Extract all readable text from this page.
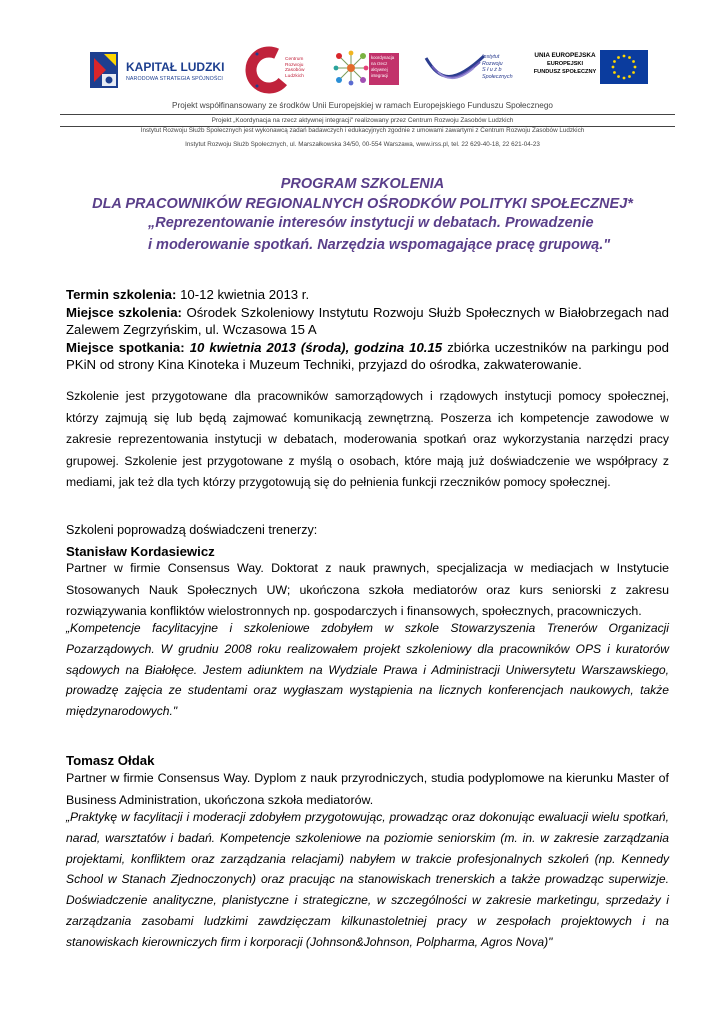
KAPITAŁ LUDZKI
NARODOWA STRATEGIA SPÓJNOŚCI
Centrum
Rozwoju
Zasobów
Ludzkich
koordynacja
na rzecz
aktywnej
integracji
Instytut
Rozwoju
S ł u ż b
Społecznych
UNIA EUROPEJSKA
EUROPEJSKI
FUNDUSZ SPOŁECZNY
Projekt współfinansowany ze środków Unii Europejskiej w ramach Europejskiego Funduszu Społecznego
Projekt „Koordynacja na rzecz aktywnej integracji" realizowany przez Centrum Rozwoju Zasobów Ludzkich
Instytut Rozwoju Służb Społecznych jest wykonawcą zadań badawczych i edukacyjnych zgodnie z umowami zawartymi z Centrum Rozwoju Zasobów Ludzkich
Instytut Rozwoju Służb Społecznych, ul. Marszałkowska 34/50, 00-554 Warszawa, www.irss.pl, tel. 22 629-40-18, 22 621-04-23
PROGRAM SZKOLENIA
DLA PRACOWNIKÓW REGIONALNYCH OŚRODKÓW POLITYKI SPOŁECZNEJ*
„Reprezentowanie interesów instytucji w debatach. Prowadzenie
i moderowanie spotkań. Narzędzia wspomagające pracę grupową."

Termin szkolenia: 10-12 kwietnia 2013 r.

Miejsce szkolenia: Ośrodek Szkoleniowy Instytutu Rozwoju Służb Społecznych w Białobrzegach nad Zalewem Zegrzyńskim, ul. Wczasowa 15 A

Miejsce spotkania: 10 kwietnia 2013 (środa), godzina 10.15 zbiórka uczestników na parkingu pod PKiN od strony Kina Kinoteka i Muzeum Techniki, przyjazd do ośrodka, zakwaterowanie.

Szkolenie jest przygotowane dla pracowników samorządowych i rządowych instytucji pomocy społecznej, którzy zajmują się lub będą zajmować komunikacją zewnętrzną. Poszerza ich kompetencje zawodowe w zakresie reprezentowania instytucji w debatach, moderowania spotkań oraz wykorzystania narzędzi pracy grupowej. Szkolenie jest przygotowane z myślą o osobach, które mają już doświadczenie we współpracy z mediami, jak też dla tych którzy przygotowują się do pełnienia funkcji rzeczników pomocy społecznej.
Szkoleni poprowadzą doświadczeni trenerzy:
Stanisław Kordasiewicz
Partner w firmie Consensus Way. Doktorat z nauk prawnych, specjalizacja w mediacjach w Instytucie Stosowanych Nauk Społecznych UW; ukończona szkoła mediatorów oraz kurs seniorski z zakresu rozwiązywania konfliktów wielostronnych np. gospodarczych i finansowych, społecznych, pracowniczych.
„Kompetencje facylitacyjne i szkoleniowe zdobyłem w szkole Stowarzyszenia Trenerów Organizacji Pozarządowych. W grudniu 2008 roku realizowałem projekt szkoleniowy dla pracowników OPS i kuratorów sądowych na Białołęce. Jestem adiunktem na Wydziale Prawa i Administracji Uniwersytetu Warszawskiego, prowadzę zajęcia ze studentami oraz wygłaszam wystąpienia na licznych konferencjach naukowych, także międzynarodowych."
Tomasz Ołdak
Partner w firmie Consensus Way. Dyplom z nauk przyrodniczych, studia podyplomowe na kierunku Master of Business Administration, ukończona szkoła mediatorów.
„Praktykę w facylitacji i moderacji zdobyłem przygotowując, prowadząc oraz dokonując ewaluacji wielu spotkań, narad, warsztatów i badań. Kompetencje szkoleniowe na poziomie seniorskim (m. in. w zakresie zarządzania projektami, konfliktem oraz zarządzania relacjami) nabyłem w trakcie profesjonalnych szkoleń (np. Kennedy School w Stanach Zjednoczonych) oraz pracując na stanowiskach trenerskich a także prowadząc superwizje. Doświadczenie analityczne, planistyczne i strategiczne, w szczególności w zakresie marketingu, sprzedaży i zarządzania zasobami ludzkimi zawdzięczam kilkunastoletniej pracy w zespołach projektowych i na stanowiskach kierowniczych firm i korporacji (Johnson&Johnson, Polpharma, Agros Nova)"
